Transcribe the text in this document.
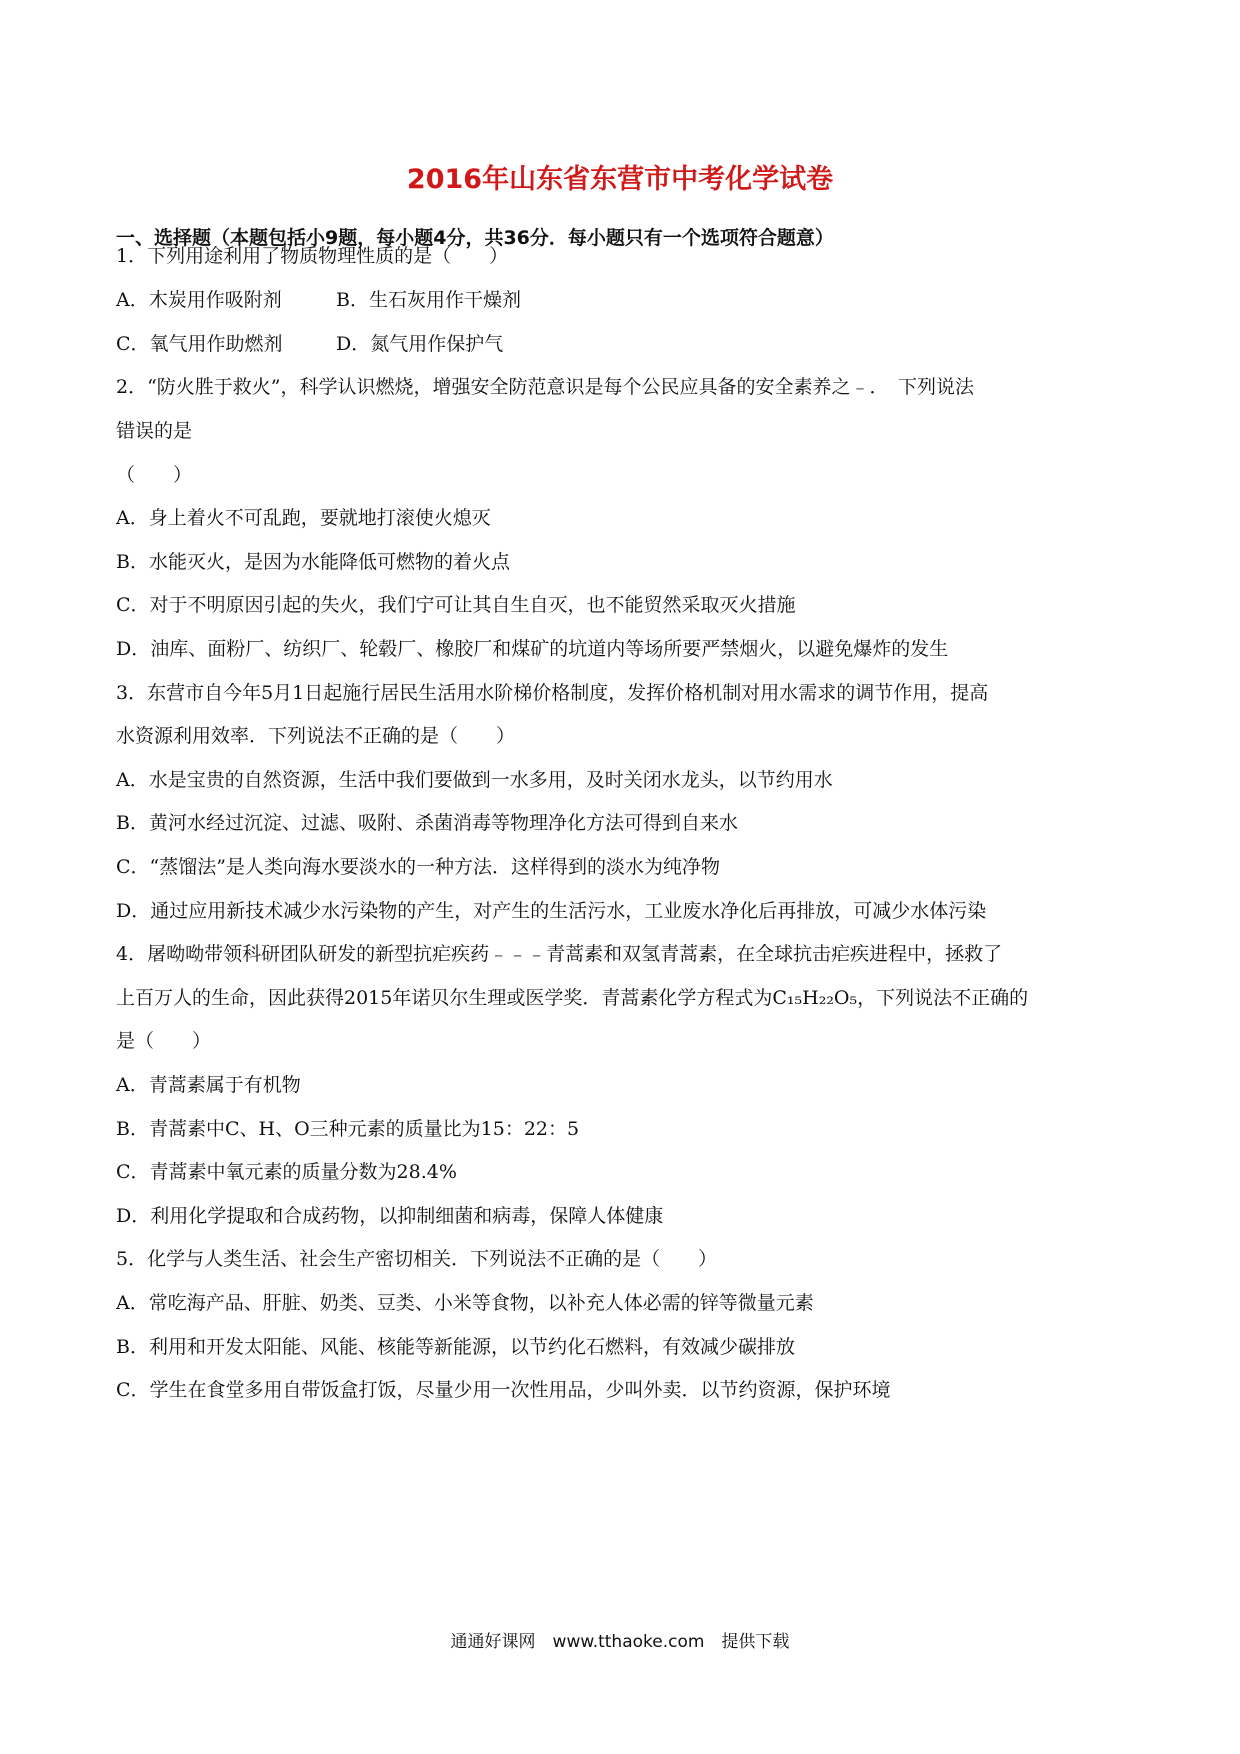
2016年山东省东营市中考化学试卷
一、选择题（本题包括小9题，每小题4分，共36分．每小题只有一个选项符合题意）

1．下列用途利用了物质物理性质的是（　　）

A．木炭用作吸附剂	B．生石灰用作干燥剂
C．氧气用作助燃剂	D．氮气用作保护气

2．“防火胜于救火”，科学认识燃烧，增强安全防范意识是每个公民应具备的安全素养之﹣．　下列说法

错误的是

（　　）

A．身上着火不可乱跑，要就地打滚使火熄灭

B．水能灭火，是因为水能降低可燃物的着火点

C．对于不明原因引起的失火，我们宁可让其自生自灭，也不能贸然采取灭火措施

D．油库、面粉厂、纺织厂、轮毂厂、橡胶厂和煤矿的坑道内等场所要严禁烟火，以避免爆炸的发生

3．东营市自今年5月1日起施行居民生活用水阶梯价格制度，发挥价格机制对用水需求的调节作用，提高

水资源利用效率．下列说法不正确的是（　　）

A．水是宝贵的自然资源，生活中我们要做到一水多用，及时关闭水龙头，以节约用水

B．黄河水经过沉淀、过滤、吸附、杀菌消毒等物理净化方法可得到自来水

C．“蒸馏法”是人类向海水要淡水的一种方法．这样得到的淡水为纯净物

D．通过应用新技术减少水污染物的产生，对产生的生活污水，工业废水净化后再排放，可减少水体污染

4．屠呦呦带领科研团队研发的新型抗疟疾药﹣﹣﹣青蒿素和双氢青蒿素，在全球抗击疟疾进程中，拯救了

上百万人的生命，因此获得2015年诺贝尔生理或医学奖．青蒿素化学方程式为C₁₅H₂₂O₅，下列说法不正确的

是（　　）

A．青蒿素属于有机物

B．青蒿素中C、H、O三种元素的质量比为15：22：5

C．青蒿素中氧元素的质量分数为28.4%

D．利用化学提取和合成药物，以抑制细菌和病毒，保障人体健康

5．化学与人类生活、社会生产密切相关．下列说法不正确的是（　　）

A．常吃海产品、肝脏、奶类、豆类、小米等食物，以补充人体必需的锌等微量元素

B．利用和开发太阳能、风能、核能等新能源，以节约化石燃料，有效减少碳排放

C．学生在食堂多用自带饭盒打饭，尽量少用一次性用品，少叫外卖．以节约资源，保护环境

通通好课网　www.tthaoke.com　提供下载
